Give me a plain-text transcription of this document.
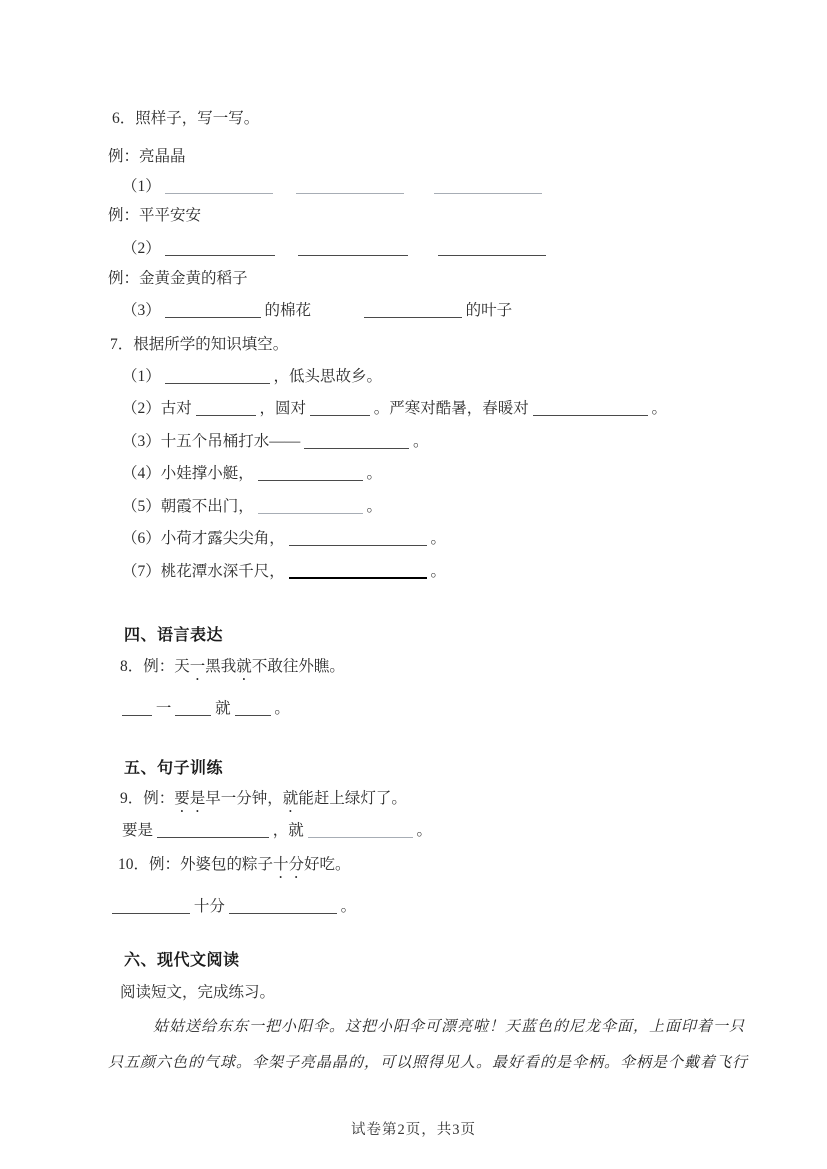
6．照样子，写一写。
例：亮晶晶
（1）
例：平平安安
（2）
例：金黄金黄的稻子
（3）	的棉花	的叶子
7．根据所学的知识填空。
（1）	，低头思故乡。
（2）古对	，圆对	。严寒对酷暑，春暖对	。
（3）十五个吊桶打水——	。
（4）小娃撑小艇，	。
（5）朝霞不出门，	。
（6）小荷才露尖尖角，	。
（7）桃花潭水深千尺，	。
四、语言表达
8．例：天一黑我就不敢往外瞧。
一	就	。
五、句子训练
9．例：要是早一分钟，就能赶上绿灯了。
要是	，就	。
10．例：外婆包的粽子十分好吃。
十分	。
六、现代文阅读
阅读短文，完成练习。
姑姑送给东东一把小阳伞。这把小阳伞可漂亮啦！天蓝色的尼龙伞面，上面印着一只
只五颜六色的气球。伞架子亮晶晶的，可以照得见人。最好看的是伞柄。伞柄是个戴着飞行
试卷第2页，共3页
